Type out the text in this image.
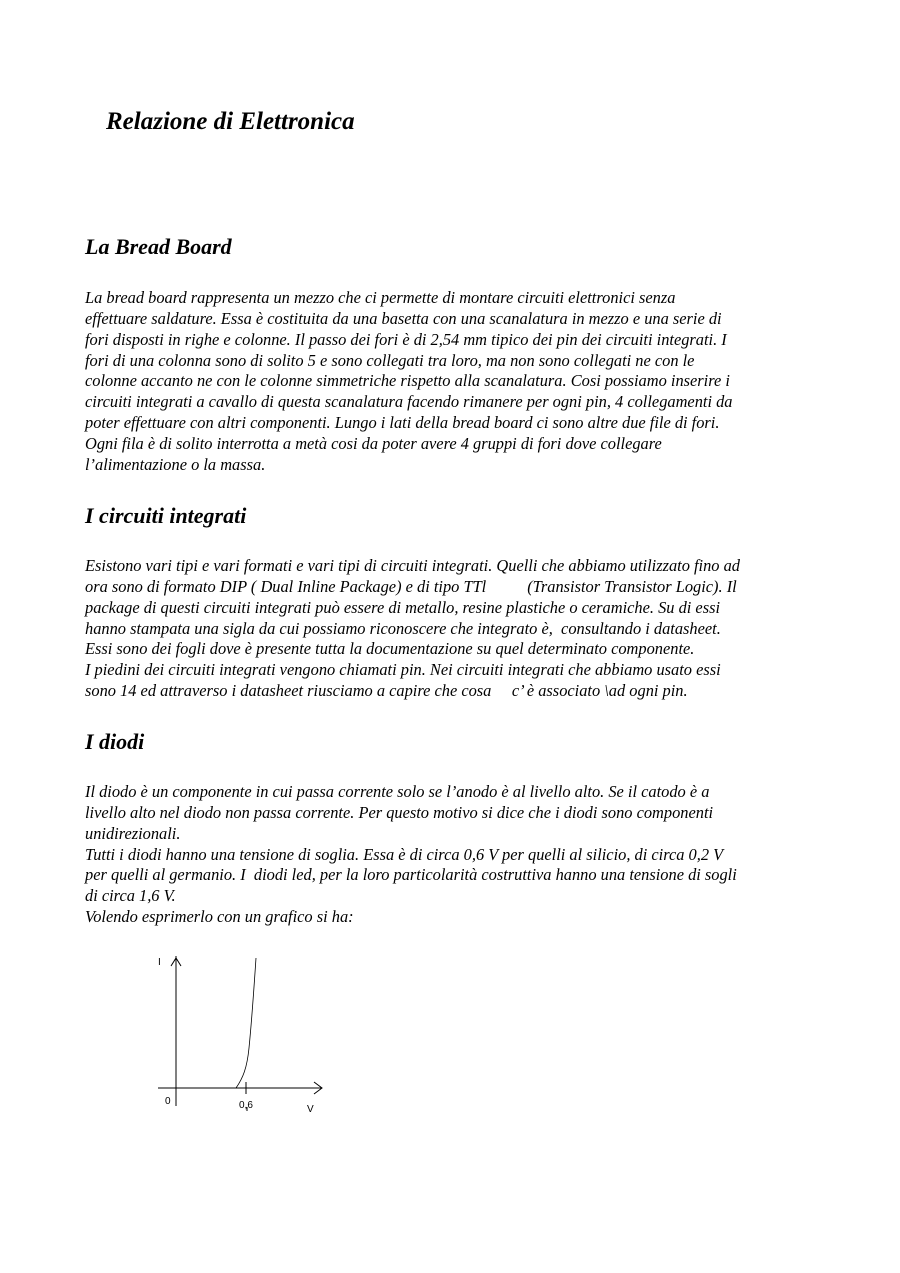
Relazione di Elettronica
La Bread Board
La bread board rappresenta un mezzo che ci permette di montare circuiti elettronici senza
effettuare saldature. Essa è costituita da una basetta con una scanalatura in mezzo e una serie di
fori disposti in righe e colonne. Il passo dei fori è di 2,54 mm tipico dei pin dei circuiti integrati. I
fori di una colonna sono di solito 5 e sono collegati tra loro, ma non sono collegati ne con le
colonne accanto ne con le colonne simmetriche rispetto alla scanalatura. Cosi possiamo inserire i
circuiti integrati a cavallo di questa scanalatura facendo rimanere per ogni pin, 4 collegamenti da
poter effettuare con altri componenti. Lungo i lati della bread board ci sono altre due file di fori.
Ogni fila è di solito interrotta a metà cosi da poter avere 4 gruppi di fori dove collegare
l’alimentazione o la massa.
I circuiti integrati
Esistono vari tipi e vari formati e vari tipi di circuiti integrati. Quelli che abbiamo utilizzato fino ad
ora sono di formato DIP ( Dual Inline Package) e di tipo TTl          (Transistor Transistor Logic). Il
package di questi circuiti integrati può essere di metallo, resine plastiche o ceramiche. Su di essi
hanno stampata una sigla da cui possiamo riconoscere che integrato è,  consultando i datasheet.
Essi sono dei fogli dove è presente tutta la documentazione su quel determinato componente.
I piedini dei circuiti integrati vengono chiamati pin. Nei circuiti integrati che abbiamo usato essi
sono 14 ed attraverso i datasheet riusciamo a capire che cosa     c’ è associato \ad ogni pin.
I diodi
Il diodo è un componente in cui passa corrente solo se l’anodo è al livello alto. Se il catodo è a
livello alto nel diodo non passa corrente. Per questo motivo si dice che i diodi sono componenti
unidirezionali.
Tutti i diodi hanno una tensione di soglia. Essa è di circa 0,6 V per quelli al silicio, di circa 0,2 V
per quelli al germanio. I  diodi led, per la loro particolarità costruttiva hanno una tensione di sogli
di circa 1,6 V.
Volendo esprimerlo con un grafico si ha:
I
0	0,6	V
